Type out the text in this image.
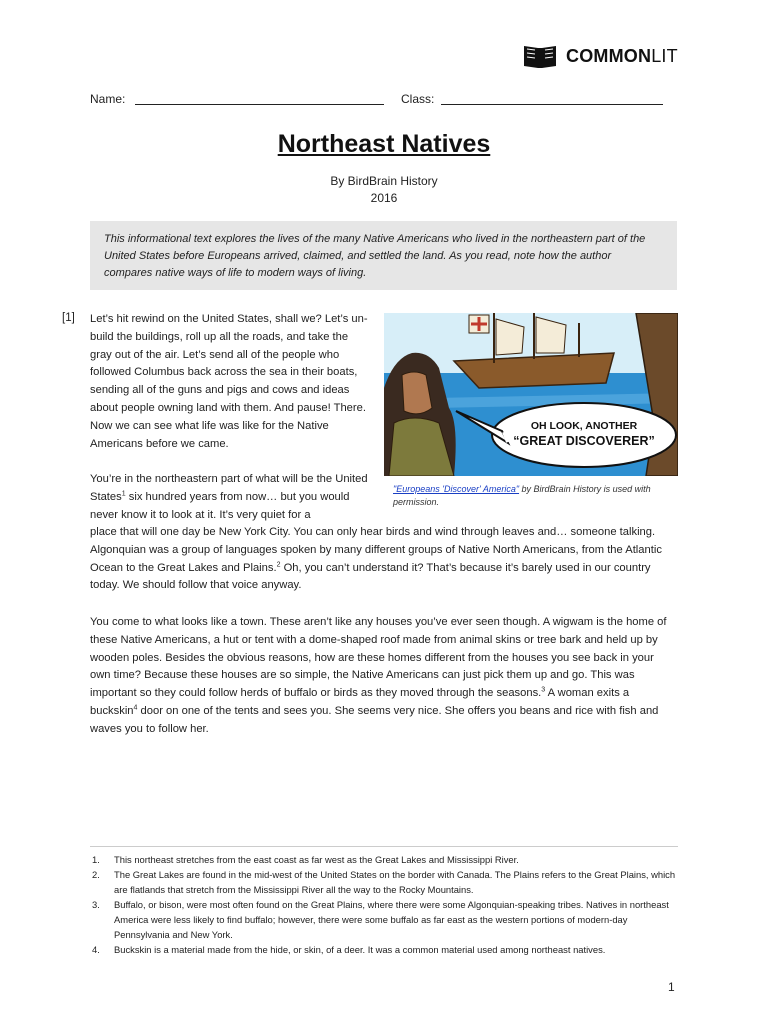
COMMONLIT
Name:	Class:
Northeast Natives
By BirdBrain History
2016
This informational text explores the lives of the many Native Americans who lived in the northeastern part of the United States before Europeans arrived, claimed, and settled the land. As you read, note how the author compares native ways of life to modern ways of living.
[1] Let’s hit rewind on the United States, shall we? Let’s un-build the buildings, roll up all the roads, and take the gray out of the air. Let’s send all of the people who followed Columbus back across the sea in their boats, sending all of the guns and pigs and cows and ideas about people owning land with them. And pause! There. Now we can see what life was like for the Native Americans before we came.
OH LOOK, ANOTHER
“GREAT DISCOVERER”
"Europeans 'Discover' America" by BirdBrain History is used with permission.
You’re in the northeastern part of what will be the United States$^1$ six hundred years from now… but you would never know it to look at it. It’s very quiet for a
place that will one day be New York City. You can only hear birds and wind through leaves and… someone talking. Algonquian was a group of languages spoken by many different groups of Native North Americans, from the Atlantic Ocean to the Great Lakes and Plains.$^2$ Oh, you can’t understand it? That’s because it’s barely used in our country today. We should follow that voice anyway.
You come to what looks like a town. These aren’t like any houses you’ve ever seen though. A wigwam is the home of these Native Americans, a hut or tent with a dome-shaped roof made from animal skins or tree bark and held up by wooden poles. Besides the obvious reasons, how are these homes different from the houses you see back in your own time? Because these houses are so simple, the Native Americans can just pick them up and go. This was important so they could follow herds of buffalo or birds as they moved through the seasons.$^3$ A woman exits a buckskin$^4$ door on one of the tents and sees you. She seems very nice. She offers you beans and rice with fish and waves you to follow her.
1. This northeast stretches from the east coast as far west as the Great Lakes and Mississippi River.
2. The Great Lakes are found in the mid-west of the United States on the border with Canada. The Plains refers to the Great Plains, which are flatlands that stretch from the Mississippi River all the way to the Rocky Mountains.
3. Buffalo, or bison, were most often found on the Great Plains, where there were some Algonquian-speaking tribes. Natives in northeast America were less likely to find buffalo; however, there were some buffalo as far east as the western portions of modern-day Pennsylvania and New York.
4. Buckskin is a material made from the hide, or skin, of a deer. It was a common material used among northeast natives.
1
